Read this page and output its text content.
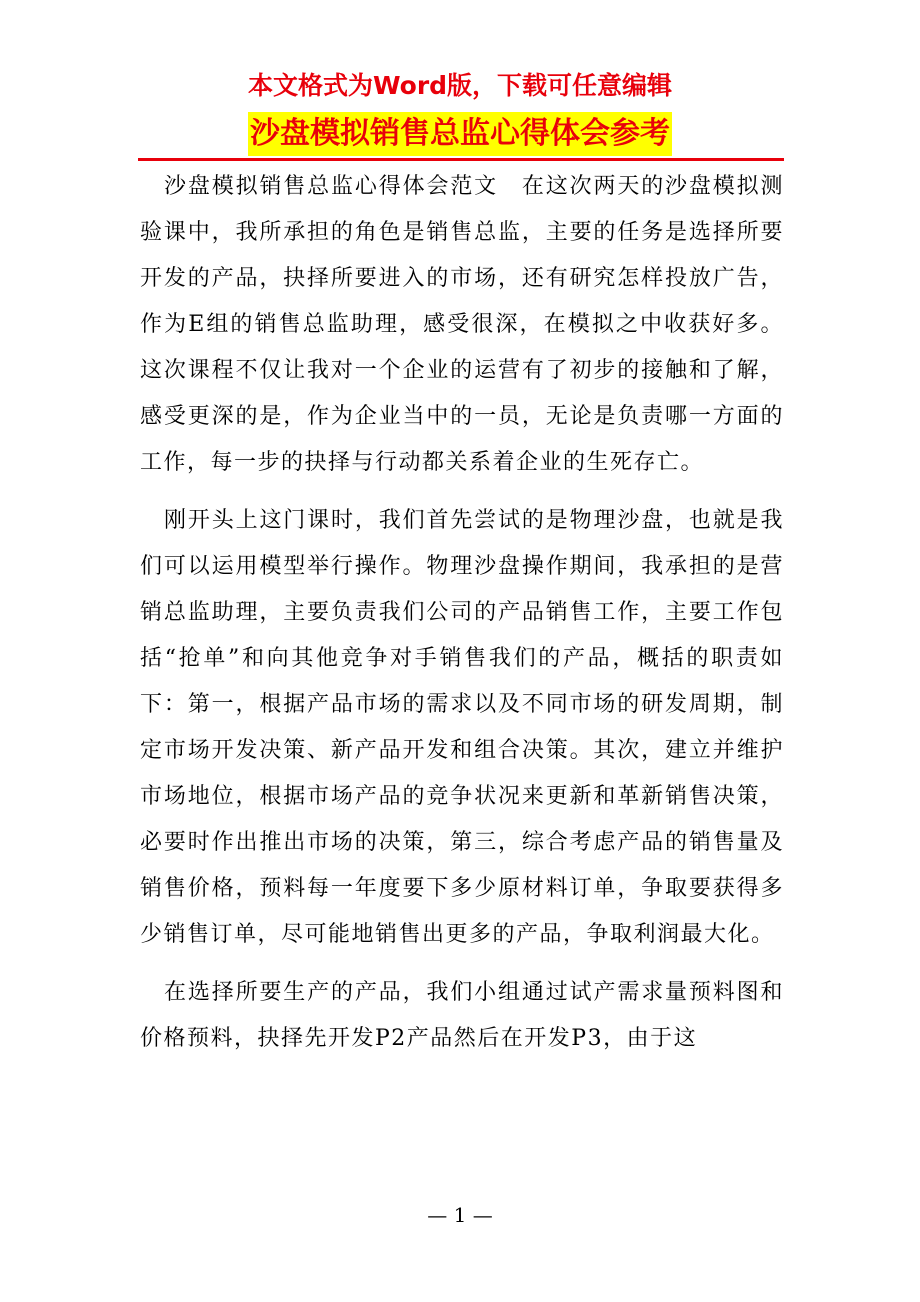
本文格式为Word版，下载可任意编辑

沙盘模拟销售总监心得体会参考

沙盘模拟销售总监心得体会范文　在这次两天的沙盘模拟测验课中，我所承担的角色是销售总监，主要的任务是选择所要开发的产品，抉择所要进入的市场，还有研究怎样投放广告，作为E组的销售总监助理，感受很深，在模拟之中收获好多。这次课程不仅让我对一个企业的运营有了初步的接触和了解，感受更深的是，作为企业当中的一员，无论是负责哪一方面的工作，每一步的抉择与行动都关系着企业的生死存亡。

刚开头上这门课时，我们首先尝试的是物理沙盘，也就是我们可以运用模型举行操作。物理沙盘操作期间，我承担的是营销总监助理，主要负责我们公司的产品销售工作，主要工作包括“抢单”和向其他竞争对手销售我们的产品，概括的职责如下：第一，根据产品市场的需求以及不同市场的研发周期，制定市场开发决策、新产品开发和组合决策。其次，建立并维护市场地位，根据市场产品的竞争状况来更新和革新销售决策，必要时作出推出市场的决策，第三，综合考虑产品的销售量及销售价格，预料每一年度要下多少原材料订单，争取要获得多少销售订单，尽可能地销售出更多的产品，争取利润最大化。

在选择所要生产的产品，我们小组通过试产需求量预料图和价格预料，抉择先开发P2产品然后在开发P3，由于这

— 1 —
